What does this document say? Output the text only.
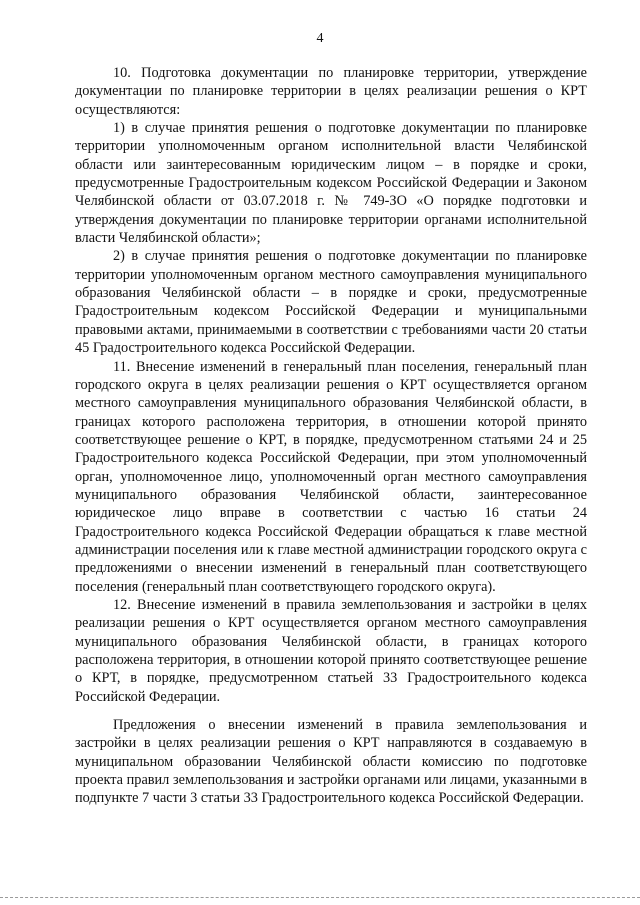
4

10. Подготовка документации по планировке территории, утверждение документации по планировке территории в целях реализации решения о КРТ осуществляются:

1) в случае принятия решения о подготовке документации по планировке территории уполномоченным органом исполнительной власти Челябинской области или заинтересованным юридическим лицом – в порядке и сроки, предусмотренные Градостроительным кодексом Российской Федерации и Законом Челябинской области от 03.07.2018 г. № 749-ЗО «О порядке подготовки и утверждения документации по планировке территории органами исполнительной власти Челябинской области»;

2) в случае принятия решения о подготовке документации по планировке территории уполномоченным органом местного самоуправления муниципального образования Челябинской области – в порядке и сроки, предусмотренные Градостроительным кодексом Российской Федерации и муниципальными правовыми актами, принимаемыми в соответствии с требованиями части 20 статьи 45 Градостроительного кодекса Российской Федерации.

11. Внесение изменений в генеральный план поселения, генеральный план городского округа в целях реализации решения о КРТ осуществляется органом местного самоуправления муниципального образования Челябинской области, в границах которого расположена территория, в отношении которой принято соответствующее решение о КРТ, в порядке, предусмотренном статьями 24 и 25 Градостроительного кодекса Российской Федерации, при этом уполномоченный орган, уполномоченное лицо, уполномоченный орган местного самоуправления муниципального образования Челябинской области, заинтересованное юридическое лицо вправе в соответствии с частью 16 статьи 24 Градостроительного кодекса Российской Федерации обращаться к главе местной администрации поселения или к главе местной администрации городского округа с предложениями о внесении изменений в генеральный план соответствующего поселения (генеральный план соответствующего городского округа).

12. Внесение изменений в правила землепользования и застройки в целях реализации решения о КРТ осуществляется органом местного самоуправления муниципального образования Челябинской области, в границах которого расположена территория, в отношении которой принято соответствующее решение о КРТ, в порядке, предусмотренном статьей 33 Градостроительного кодекса Российской Федерации.

Предложения о внесении изменений в правила землепользования и застройки в целях реализации решения о КРТ направляются в создаваемую в муниципальном образовании Челябинской области комиссию по подготовке проекта правил землепользования и застройки органами или лицами, указанными в подпункте 7 части 3 статьи 33 Градостроительного кодекса Российской Федерации.
